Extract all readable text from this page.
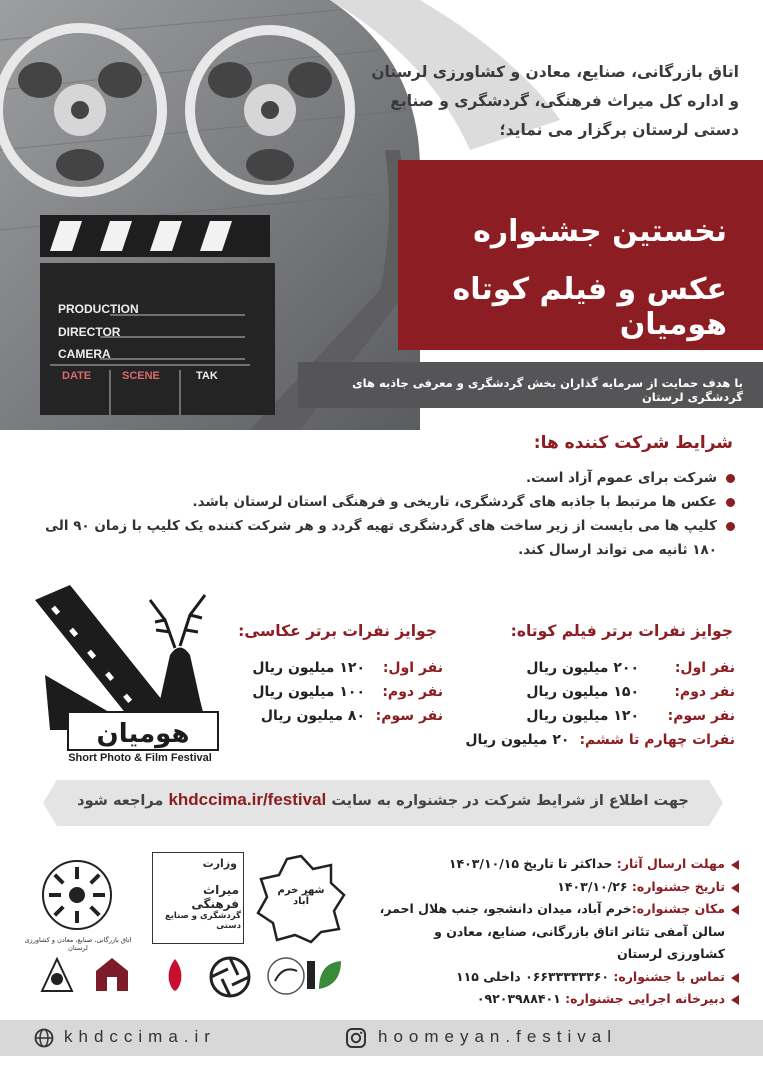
PRODUCTION
DIRECTOR
CAMERA
DATE	SCENE	TAK
اتاق بازرگانی، صنایع، معادن و کشاورزی لرستان و اداره کل میراث فرهنگی، گردشگری و صنایع دستی لرستان برگزار می نماید؛
نخستین جشنواره
عکس و فیلم کوتاه هومیان
با هدف حمایت از سرمایه گذاران بخش گردشگری و معرفی جاذبه های گردشگری لرستان
شرایط شرکت کننده ها:
شرکت برای عموم آزاد است.
عکس ها مرتبط با جاذبه های گردشگری، تاریخی و فرهنگی استان لرستان باشد.
کلیپ ها می بایست از زیر ساخت های گردشگری تهیه گردد و هر شرکت کننده یک کلیپ با زمان ۹۰ الی ۱۸۰ ثانیه می تواند ارسال کند.
هومیان
Short Photo & Film Festival
جوایز نفرات برتر فیلم کوتاه:
جوایز نفرات برتر عکاسی:
نفر اول:
۲۰۰ میلیون ریال
نفر دوم:
۱۵۰ میلیون ریال
نفر سوم:
۱۲۰ میلیون ریال
نفرات چهارم تا ششم:
۲۰ میلیون ریال
نفر اول:
۱۲۰ میلیون ریال
نفر دوم:
۱۰۰ میلیون ریال
نفر سوم:
۸۰ میلیون ریال
جهت اطلاع از شرایط شرکت در جشنواره به سایت khdccima.ir/festival مراجعه شود
مهلت ارسال آثار: حداکثر تا تاریخ ۱۴۰۳/۱۰/۱۵
تاریخ جشنواره: ۱۴۰۳/۱۰/۲۶
مکان جشنواره:خرم آباد، میدان دانشجو، جنب هلال احمر، سالن آمفی تئاتر اتاق بازرگانی، صنایع، معادن و کشاورزی لرستان
تماس با جشنواره: ۰۶۶۳۳۳۳۳۳۶۰ داخلی ۱۱۵
دبیرخانه اجرایی جشنواره: ۰۹۲۰۳۹۸۸۴۰۱
اتاق بازرگانی، صنایع، معادن و کشاورزی لرستان
وزارت
میراث فرهنگی
گردشگری و صنایع دستی
شهر خرم آباد
khdccima.ir	hoomeyan.festival
